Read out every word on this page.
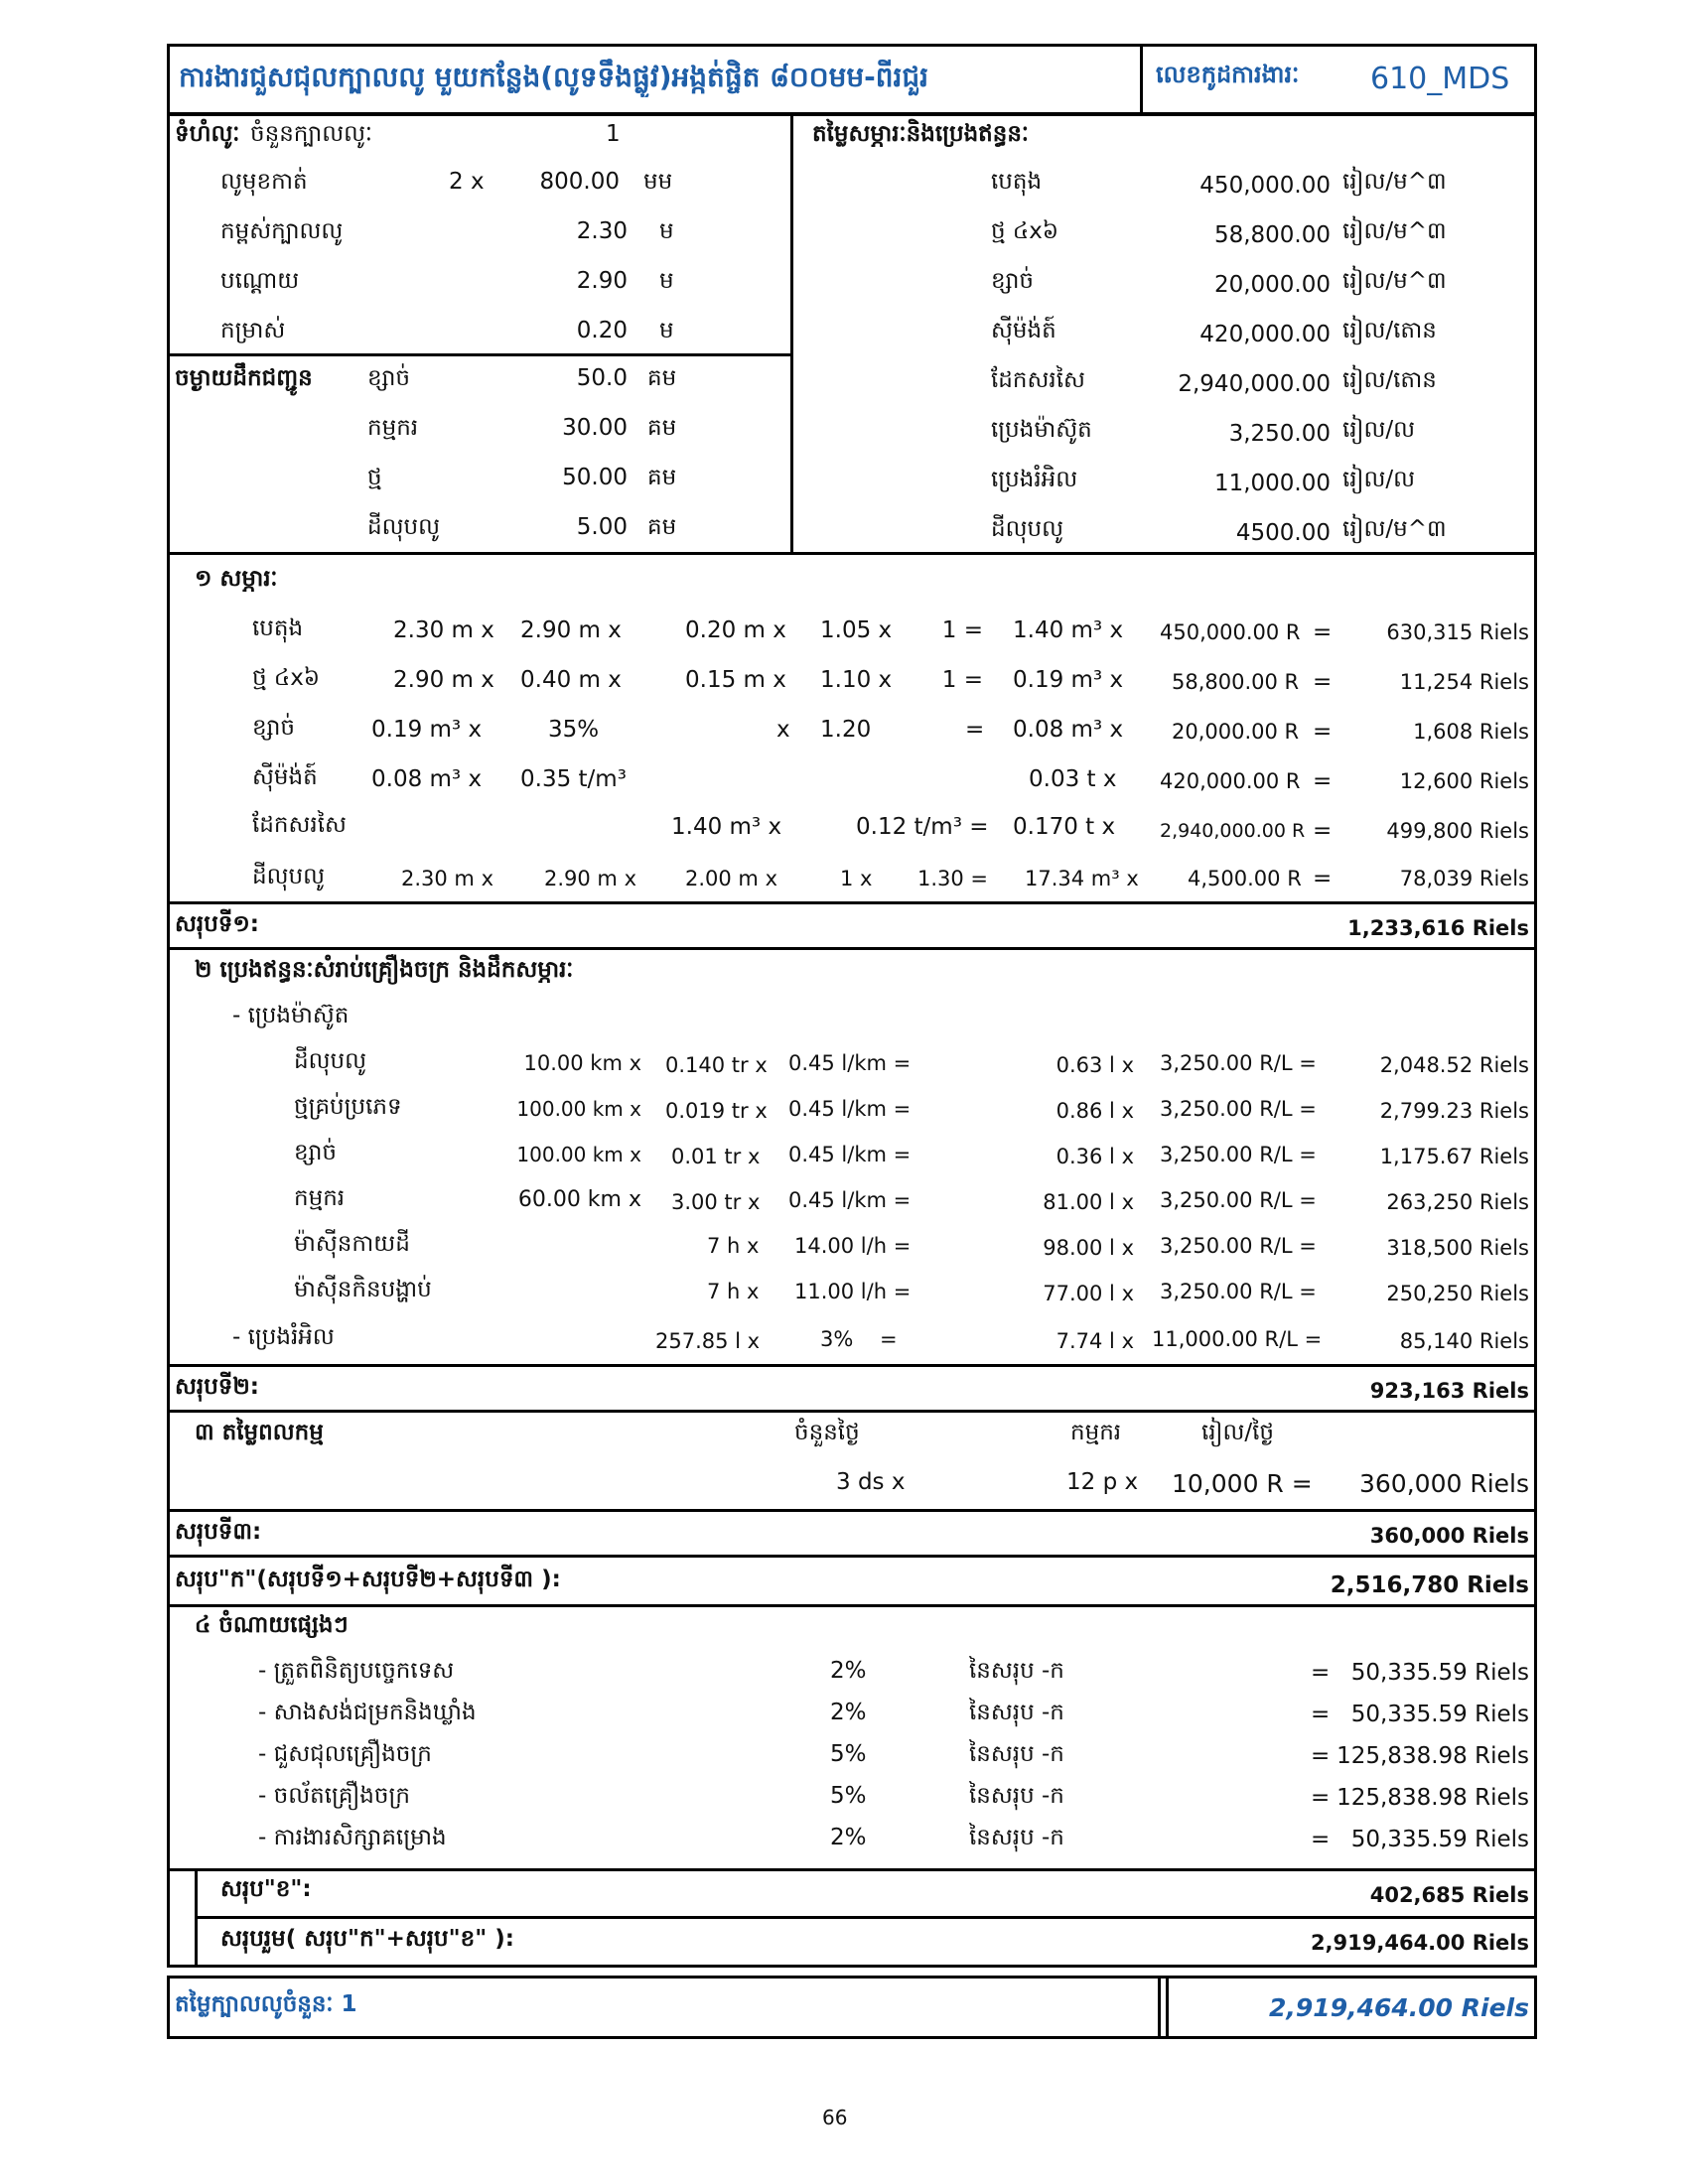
ការងារជួសជុលក្បាលលូ មួយកន្លែង(លូទទឹងផ្លូវ)អង្កត់ផ្ចិត ៨០០មម-ពីរជួរ	លេខកូដការងារៈ 610_MDS
ទំហំលូៈ ចំនួនក្បាលលូៈ	1
លូមុខកាត់	2 x	800.00 មម
កម្ពស់ក្បាលលូ	2.30 ម
បណ្តោយ	2.90 ម
កម្រាស់	0.20 ម
ចម្ងាយដឹកជញ្ជូន ខ្សាច់	50.0 គម
កម្មករ	30.00 គម
ថ្ម	50.00 គម
ដីលុបលូ	5.00 គម
តម្លៃសម្ភារៈនិងប្រេងឥន្ធនៈ
បេតុង	450,000.00 រៀល/ម^៣
ថ្ម ៤x៦	58,800.00 រៀល/ម^៣
ខ្សាច់	20,000.00 រៀល/ម^៣
ស៊ីម៉ង់ត៍	420,000.00 រៀល/តោន
ដែកសរសៃ	2,940,000.00 រៀល/តោន
ប្រេងម៉ាស៊ូត	3,250.00 រៀល/ល
ប្រេងរំអិល	11,000.00 រៀល/ល
ដីលុបលូ	4500.00 រៀល/ម^៣
១ សម្ភារៈ
បេតុង	2.30 m x 2.90 m x	0.20 m x 1.05 x	1 = 1.40 m³ x 450,000.00 R =	630,315 Riels
ថ្ម ៤x៦	2.90 m x 0.40 m x	0.15 m x 1.10 x	1 = 0.19 m³ x 58,800.00 R =	11,254 Riels
ខ្សាច់	0.19 m³ x	35%	x 1.20	= 0.08 m³ x 20,000.00 R =	1,608 Riels
ស៊ីម៉ង់ត៍ 0.08 m³ x 0.35 t/m³	0.03 t x 420,000.00 R =	12,600 Riels
ដែកសរសៃ	1.40 m³ x	0.12 t/m³ = 0.170 t x 2,940,000.00 R =	499,800 Riels
ដីលុបលូ	2.30 m x 2.90 m x 2.00 m x	1 x 1.30 = 17.34 m³ x 4,500.00 R =	78,039 Riels
សរុបទី១:	1,233,616 Riels
២ ប្រេងឥន្ធនៈសំរាប់គ្រឿងចក្រ និងដឹកសម្ភារៈ
- ប្រេងម៉ាស៊ូត
ដីលុបលូ	10.00 km x 0.140 tr x 0.45 l/km =	0.63 l x 3,250.00 R/L =	2,048.52 Riels
ថ្មគ្រប់ប្រភេទ	100.00 km x 0.019 tr x 0.45 l/km =	0.86 l x 3,250.00 R/L =	2,799.23 Riels
ខ្សាច់	100.00 km x 0.01 tr x 0.45 l/km =	0.36 l x 3,250.00 R/L =	1,175.67 Riels
កម្មករ	60.00 km x 3.00 tr x 0.45 l/km =	81.00 l x 3,250.00 R/L =	263,250 Riels
ម៉ាស៊ីនកាយដី	7 h x 14.00 l/h =	98.00 l x 3,250.00 R/L =	318,500 Riels
ម៉ាស៊ីនកិនបង្ហាប់	7 h x 11.00 l/h =	77.00 l x 3,250.00 R/L =	250,250 Riels
- ប្រេងរំអិល	257.85 l x	3% =	7.74 l x 11,000.00 R/L =	85,140 Riels
សរុបទី២:	923,163 Riels
៣ តម្លៃពលកម្ម	ចំនួនថ្ងៃ	កម្មករ	រៀល/ថ្ងៃ
3 ds x	12 p x 10,000 R =	360,000 Riels
សរុបទី៣:	360,000 Riels
សរុប"ក"(សរុបទី១+សរុបទី២+សរុបទី៣ ):	2,516,780 Riels
៤ ចំណាយផ្សេងៗ
- ត្រួតពិនិត្យបច្ចេកទេស	2%	នៃសរុប -ក	= 50,335.59 Riels
- សាងសង់ជម្រកនិងឃ្លាំង	2%	នៃសរុប -ក	= 50,335.59 Riels
- ជួសជុលគ្រឿងចក្រ	5%	នៃសរុប -ក	= 125,838.98 Riels
- ចល័តគ្រឿងចក្រ	5%	នៃសរុប -ក	= 125,838.98 Riels
- ការងារសិក្សាគម្រោង	2%	នៃសរុប -ក	= 50,335.59 Riels
សរុប"ខ":	402,685 Riels
សរុបរួម( សរុប"ក"+សរុប"ខ" ):	2,919,464.00 Riels
តម្លៃក្បាលលូចំនួនៈ 1	2,919,464.00 Riels
66
